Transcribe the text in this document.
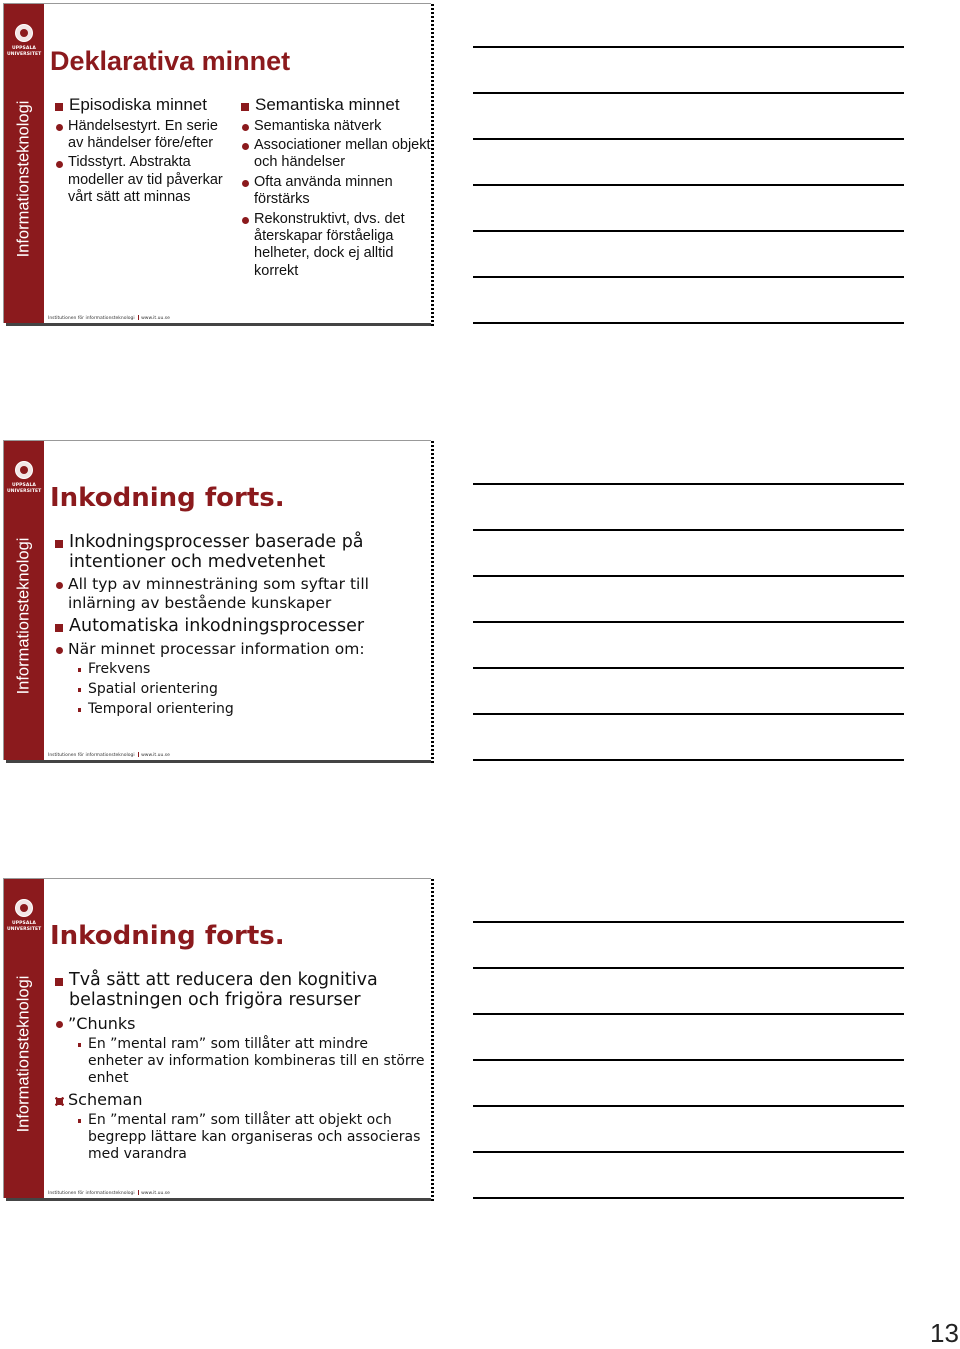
UPPSALA
UNIVERSITET
Informationsteknologi
Deklarativa minnet
Episodiska minnet
Händelsestyrt. En serie av händelser före/efter
Tidsstyrt. Abstrakta modeller av tid påverkar vårt sätt att minnas
Semantiska minnet
Semantiska nätverk
Associationer mellan objekt och händelser
Ofta använda minnen förstärks
Rekonstruktivt, dvs. det återskapar förståeliga helheter, dock ej alltid korrekt
Institutionen för informationsteknologi www.it.uu.se
UPPSALA
UNIVERSITET
Informationsteknologi
Inkodning forts.
Inkodningsprocesser baserade på intentioner och medvetenhet
All typ av minnesträning som syftar till inlärning av bestående kunskaper
Automatiska inkodningsprocesser
När minnet processar information om:
Frekvens
Spatial orientering
Temporal orientering
Institutionen för informationsteknologi www.it.uu.se
UPPSALA
UNIVERSITET
Informationsteknologi
Inkodning forts.
Två sätt att reducera den kognitiva belastningen och frigöra resurser
”Chunks
En ”mental ram” som tillåter att mindre enheter av information kombineras till en större enhet
Scheman
En ”mental ram” som tillåter att objekt och begrepp lättare kan organiseras och associeras med varandra
Institutionen för informationsteknologi www.it.uu.se
13
